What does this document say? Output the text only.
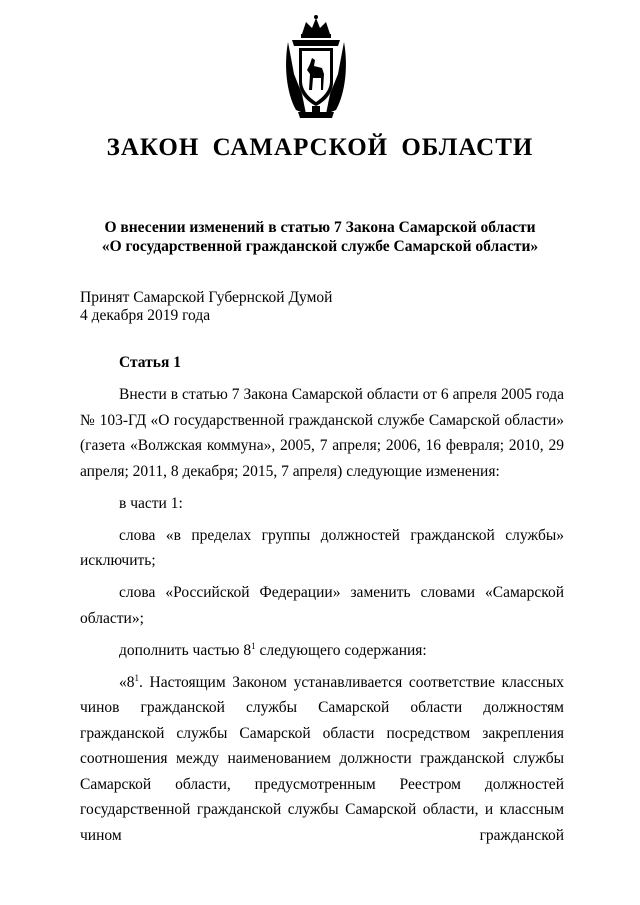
ЗАКОН САМАРСКОЙ ОБЛАСТИ
О внесении изменений в статью 7 Закона Самарской области
«О государственной гражданской службе Самарской области»
Принят Самарской Губернской Думой
4 декабря 2019 года
Статья 1

Внести в статью 7 Закона Самарской области от 6 апреля 2005 года № 103-ГД «О государственной гражданской службе Самарской области» (газета «Волжская коммуна», 2005, 7 апреля; 2006, 16 февраля; 2010, 29 апреля; 2011, 8 декабря; 2015, 7 апреля) следующие изменения:

в части 1:

слова «в пределах группы должностей гражданской службы» исключить;

слова «Российской Федерации» заменить словами «Самарской области»;

дополнить частью $8^1$ следующего содержания:

«$8^1$. Настоящим Законом устанавливается соответствие классных чинов гражданской службы Самарской области должностям гражданской службы Самарской области посредством закрепления соотношения между наименованием должности гражданской службы Самарской области, предусмотренным Реестром должностей государственной гражданской службы Самарской области, и классным чином гражданской
